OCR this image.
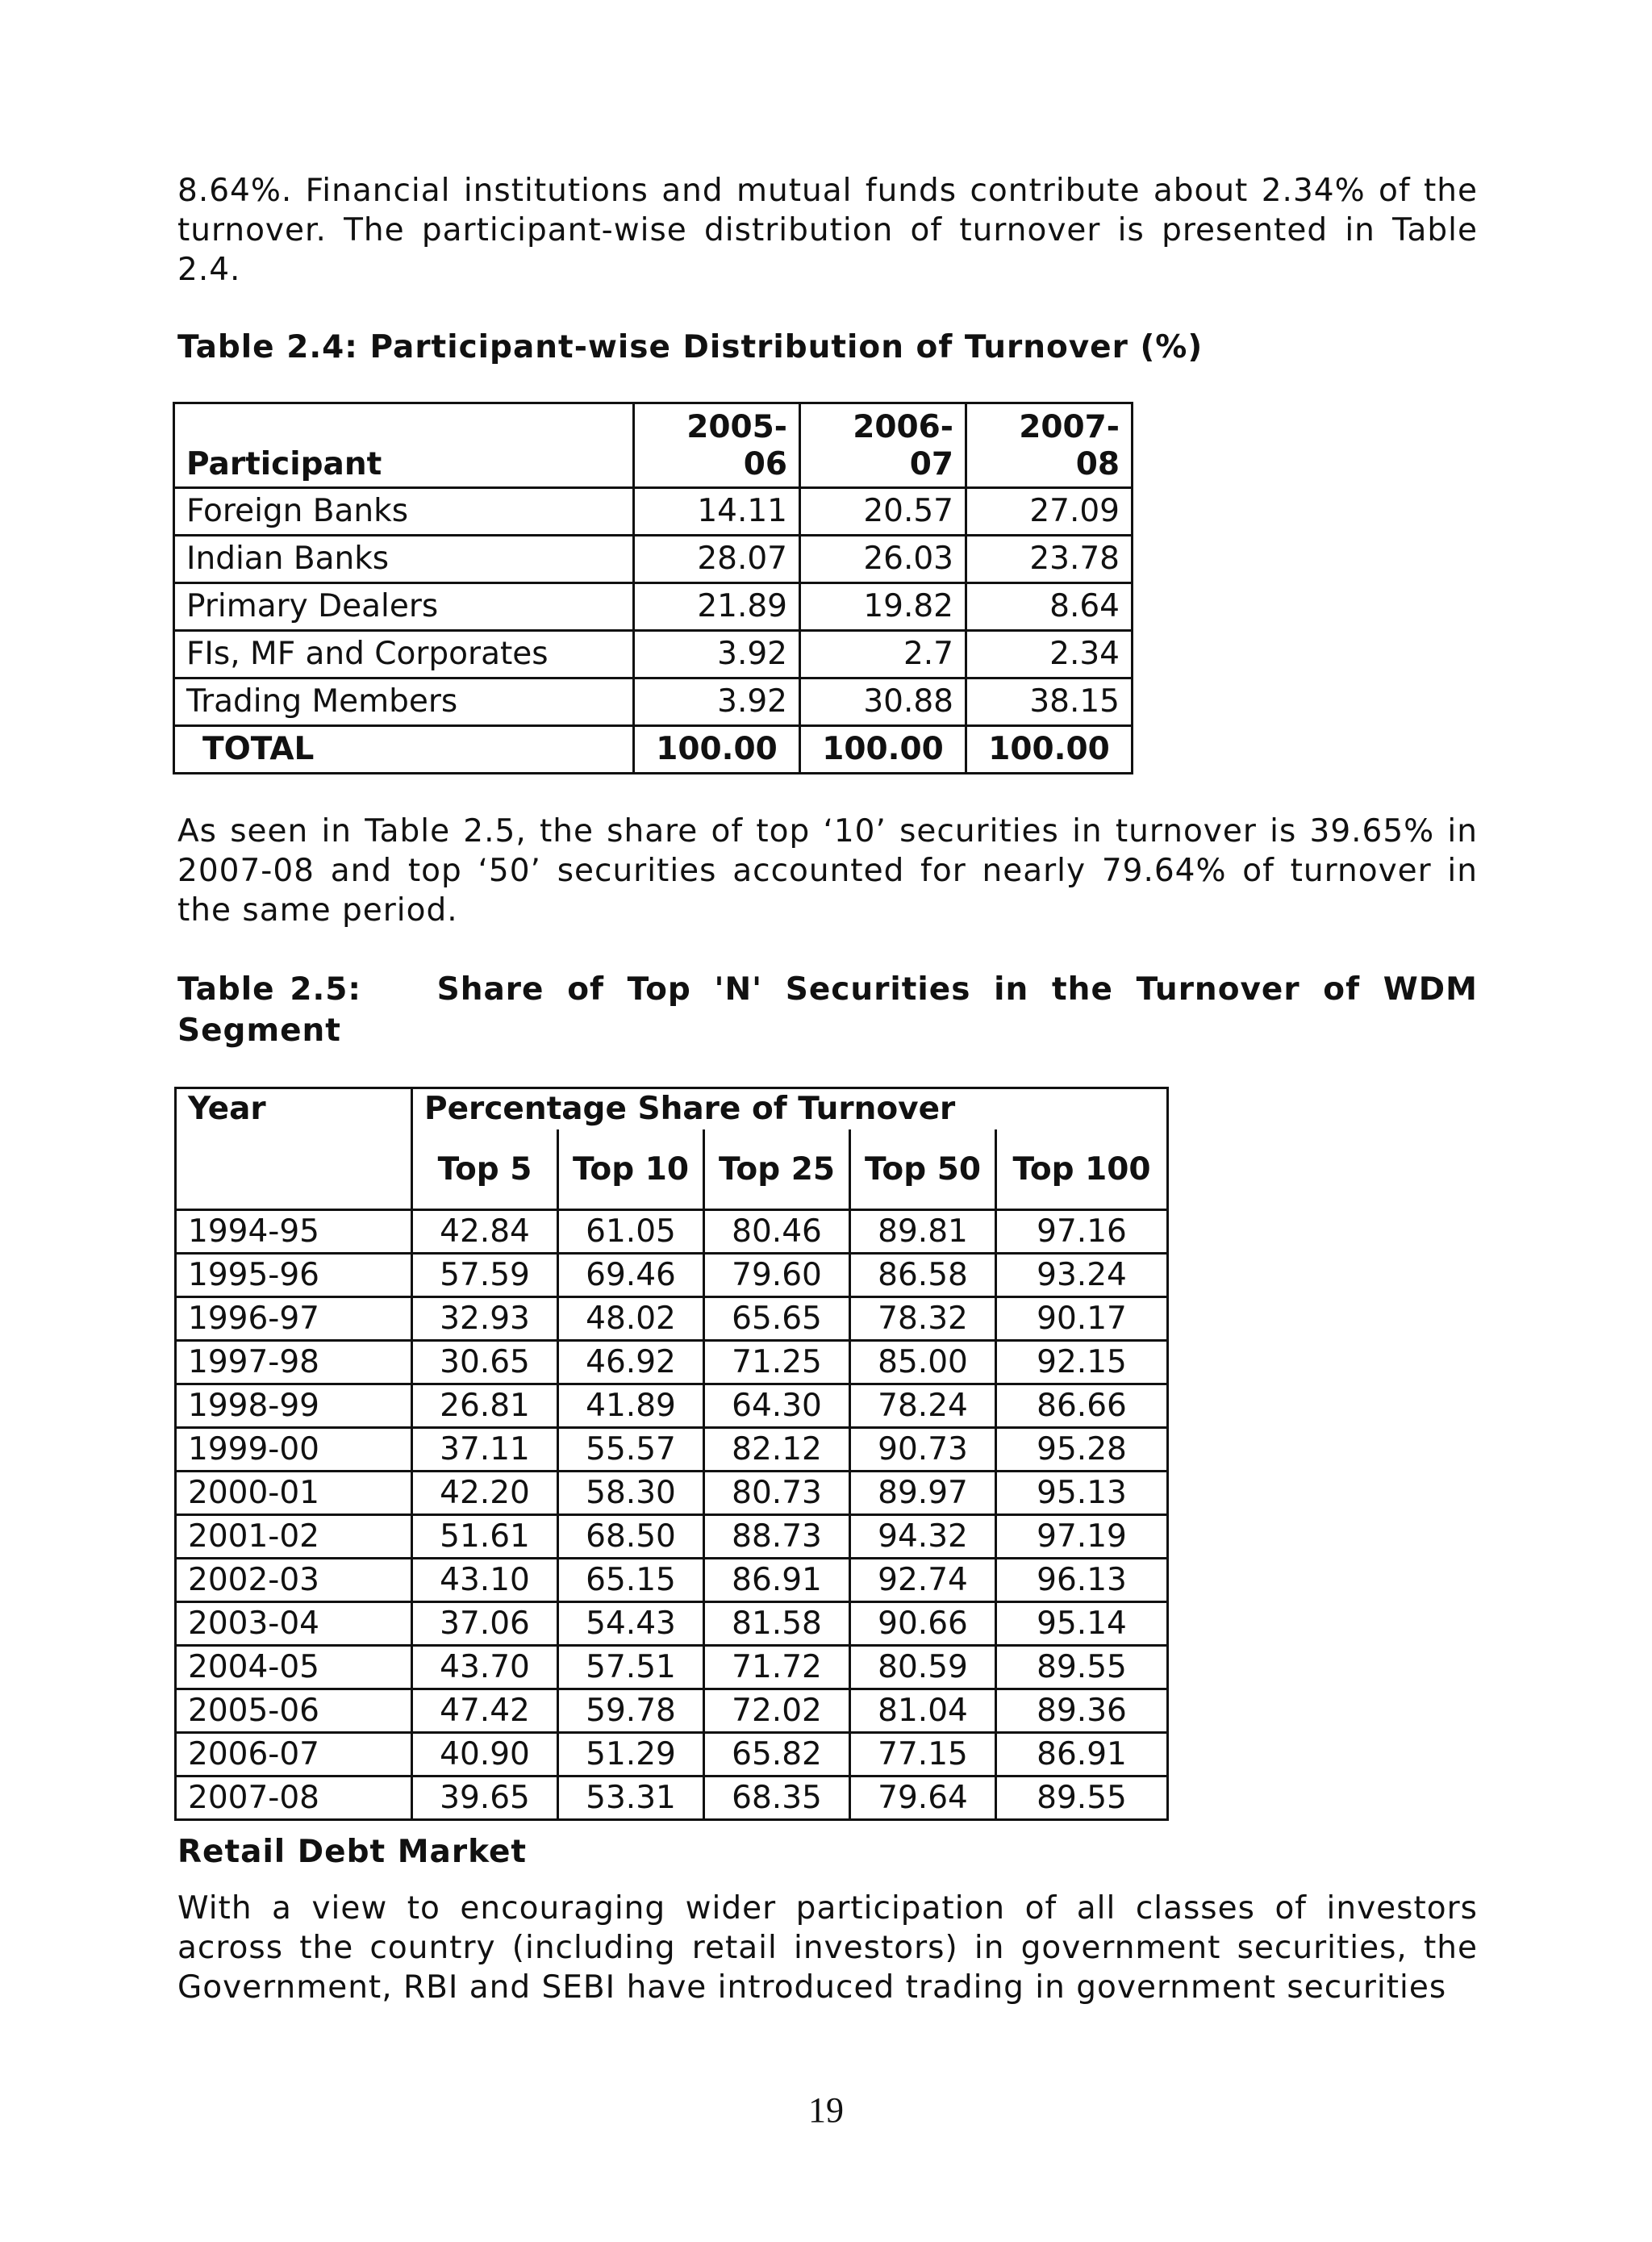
8.64%. Financial institutions and mutual funds contribute about 2.34% of the turnover. The participant-wise distribution of turnover is presented in Table 2.4.

Table 2.4: Participant-wise Distribution of Turnover (%)

Participant	2005-06	2006-07	2007-08
Foreign Banks	14.11	20.57	27.09
Indian Banks	28.07	26.03	23.78
Primary Dealers	21.89	19.82	8.64
FIs, MF and Corporates	3.92	2.7	2.34
Trading Members	3.92	30.88	38.15
TOTAL	100.00	100.00	100.00

As seen in Table 2.5, the share of top ‘10’ securities in turnover is 39.65% in 2007-08 and top ‘50’ securities accounted for nearly 79.64% of turnover in the same period.

Table 2.5: Share of Top 'N' Securities in the Turnover of WDM Segment

Year	Percentage Share of Turnover				
	Top 5	Top 10	Top 25	Top 50	Top 100
1994-95	42.84	61.05	80.46	89.81	97.16
1995-96	57.59	69.46	79.60	86.58	93.24
1996-97	32.93	48.02	65.65	78.32	90.17
1997-98	30.65	46.92	71.25	85.00	92.15
1998-99	26.81	41.89	64.30	78.24	86.66
1999-00	37.11	55.57	82.12	90.73	95.28
2000-01	42.20	58.30	80.73	89.97	95.13
2001-02	51.61	68.50	88.73	94.32	97.19
2002-03	43.10	65.15	86.91	92.74	96.13
2003-04	37.06	54.43	81.58	90.66	95.14
2004-05	43.70	57.51	71.72	80.59	89.55
2005-06	47.42	59.78	72.02	81.04	89.36
2006-07	40.90	51.29	65.82	77.15	86.91
2007-08	39.65	53.31	68.35	79.64	89.55

Retail Debt Market

With a view to encouraging wider participation of all classes of investors across the country (including retail investors) in government securities, the Government, RBI and SEBI have introduced trading in government securities

19
